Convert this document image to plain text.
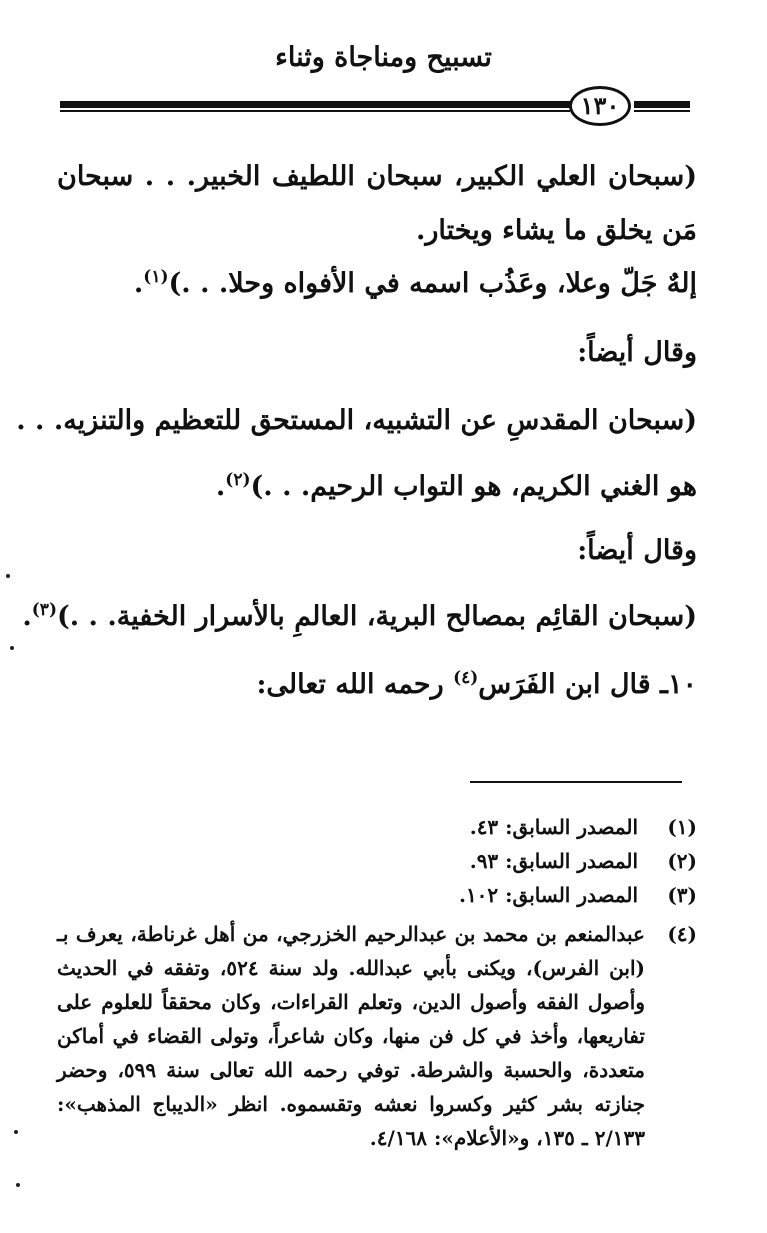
تسبيح ومناجاة وثناء
١٣٠
(سبحان العلي الكبير، سبحان اللطيف الخبير. . . سبحان مَن يخلق ما يشاء ويختار.
إلهٌ جَلّ وعلا، وعَذُب اسمه في الأفواه وحلا. . .)$^{(١)}$.
وقال أيضاً:
(سبحان المقدسِ عن التشبيه، المستحق للتعظيم والتنزيه. . .
هو الغني الكريم، هو التواب الرحيم. . .)$^{(٢)}$.
وقال أيضاً:
(سبحان القائِم بمصالح البرية، العالمِ بالأسرار الخفية. . .)$^{(٣)}$.
١٠ـ قال ابن الفَرَس$^{(٤)}$ رحمه الله تعالى:
(١) المصدر السابق: ٤٣.
(٢) المصدر السابق: ٩٣.
(٣) المصدر السابق: ١٠٢.
(٤)
عبدالمنعم بن محمد بن عبدالرحيم الخزرجي، من أهل غرناطة، يعرف بـ (ابن الفرس)، ويكنى بأبي عبدالله. ولد سنة ٥٢٤، وتفقه في الحديث وأصول الفقه وأصول الدين، وتعلم القراءات، وكان محققاً للعلوم على تفاريعها، وأخذ في كل فن منها، وكان شاعراً، وتولى القضاء في أماكن متعددة، والحسبة والشرطة. توفي رحمه الله تعالى سنة ٥٩٩، وحضر جنازته بشر كثير وكسروا نعشه وتقسموه. انظر «الديباج المذهب»: ٢/١٣٣ ـ ١٣٥، و«الأعلام»: ٤/١٦٨.
